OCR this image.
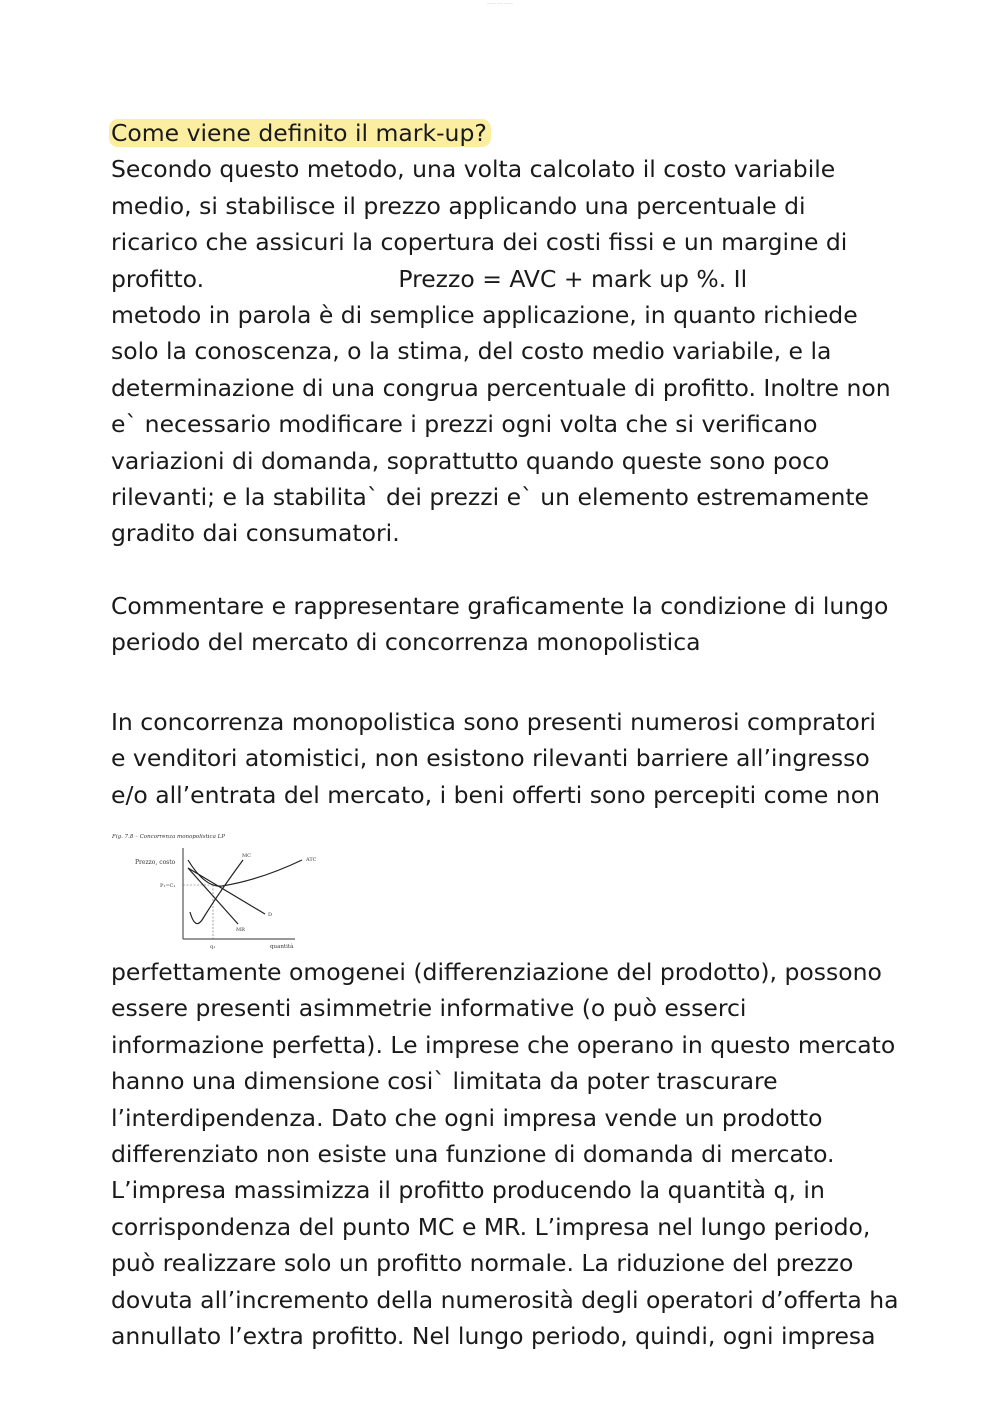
——— —— ———
Come viene definito il mark-up?
Secondo questo metodo, una volta calcolato il costo variabile
medio, si stabilisce il prezzo applicando una percentuale di
ricarico che assicuri la copertura dei costi fissi e un margine di
profitto.                          Prezzo = AVC + mark up %. Il
metodo in parola è di semplice applicazione, in quanto richiede
solo la conoscenza, o la stima, del costo medio variabile, e la
determinazione di una congrua percentuale di profitto. Inoltre non
e` necessario modificare i prezzi ogni volta che si verificano
variazioni di domanda, soprattutto quando queste sono poco
rilevanti; e la stabilita` dei prezzi e` un elemento estremamente
gradito dai consumatori.
Commentare e rappresentare graficamente la condizione di lungo
periodo del mercato di concorrenza monopolistica
In concorrenza monopolistica sono presenti numerosi compratori
e venditori atomistici, non esistono rilevanti barriere all’ingresso
e/o all’entrata del mercato, i beni offerti sono percepiti come non
Fig. 7.8 – Concorrenza monopolistica LP
Prezzo, costo
quantità
P₁=C₁
q₁
ATC
MC
D
MR
perfettamente omogenei (differenziazione del prodotto), possono
essere presenti asimmetrie informative (o può esserci
informazione perfetta). Le imprese che operano in questo mercato
hanno una dimensione cosi` limitata da poter trascurare
l’interdipendenza. Dato che ogni impresa vende un prodotto
differenziato non esiste una funzione di domanda di mercato.
L’impresa massimizza il profitto producendo la quantità q, in
corrispondenza del punto MC e MR. L’impresa nel lungo periodo,
può realizzare solo un profitto normale. La riduzione del prezzo
dovuta all’incremento della numerosità degli operatori d’offerta ha
annullato l’extra profitto. Nel lungo periodo, quindi, ogni impresa
